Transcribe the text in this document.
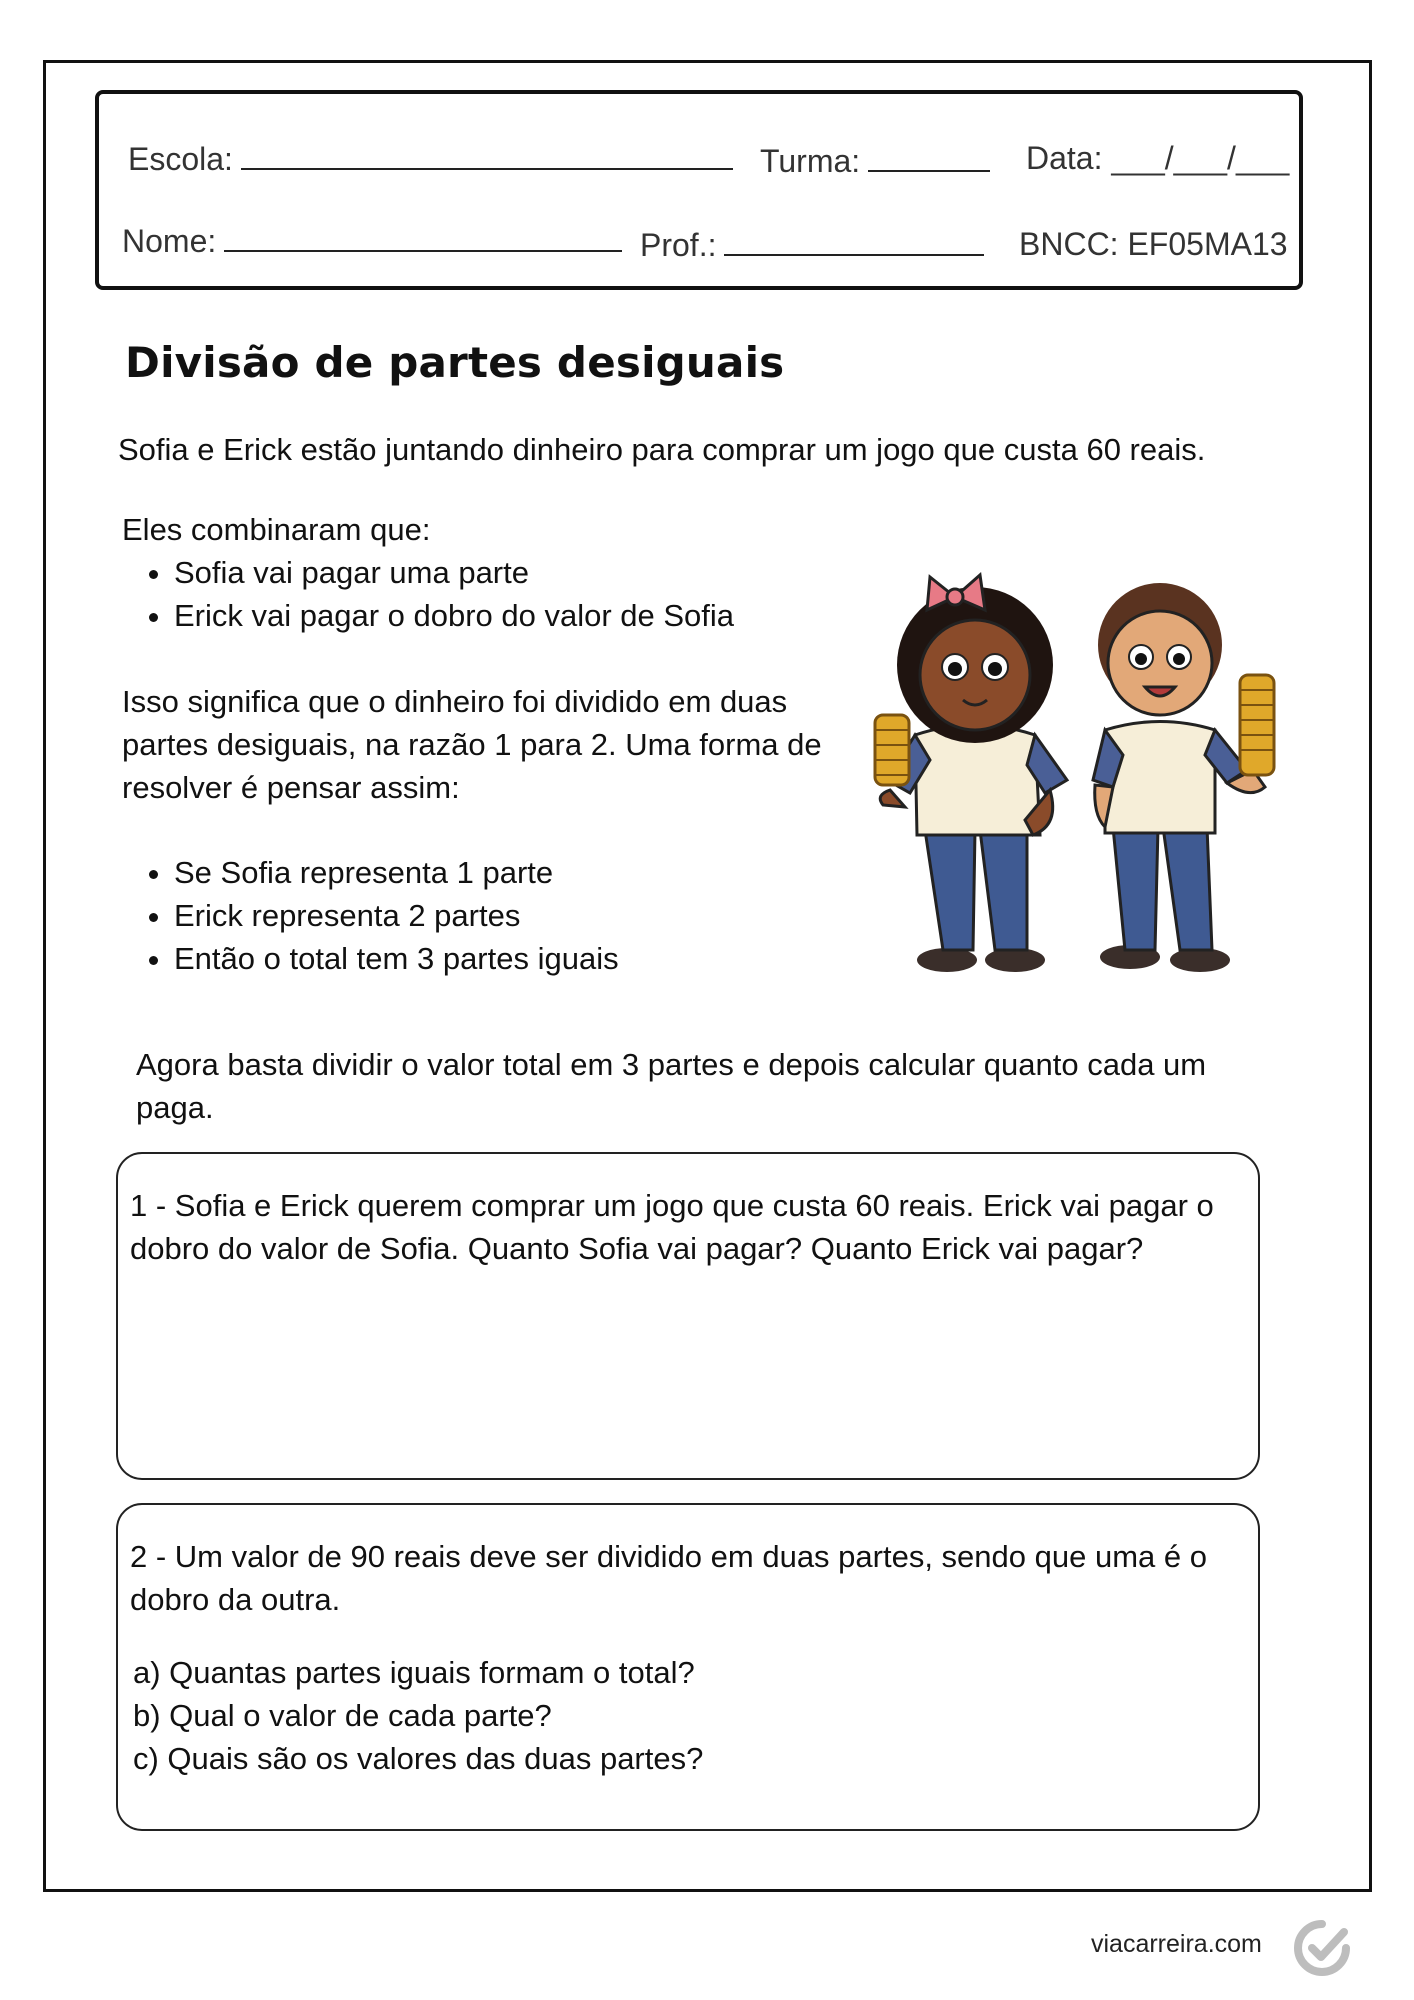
Escola:	Turma:	Data: ___/___/___
Nome:	Prof.:	BNCC: EF05MA13
Divisão de partes desiguais
Sofia e Erick estão juntando dinheiro para comprar um jogo que custa 60 reais.
Eles combinaram que:
• Sofia vai pagar uma parte
• Erick vai pagar o dobro do valor de Sofia
Isso significa que o dinheiro foi dividido em duas
partes desiguais, na razão 1 para 2. Uma forma de
resolver é pensar assim:
• Se Sofia representa 1 parte
• Erick representa 2 partes
• Então o total tem 3 partes iguais
Agora basta dividir o valor total em 3 partes e depois calcular quanto cada um
paga.
1 - Sofia e Erick querem comprar um jogo que custa 60 reais. Erick vai pagar o
dobro do valor de Sofia. Quanto Sofia vai pagar? Quanto Erick vai pagar?
2 - Um valor de 90 reais deve ser dividido em duas partes, sendo que uma é o
dobro da outra.
a) Quantas partes iguais formam o total?
b) Qual o valor de cada parte?
c) Quais são os valores das duas partes?
viacarreira.com
